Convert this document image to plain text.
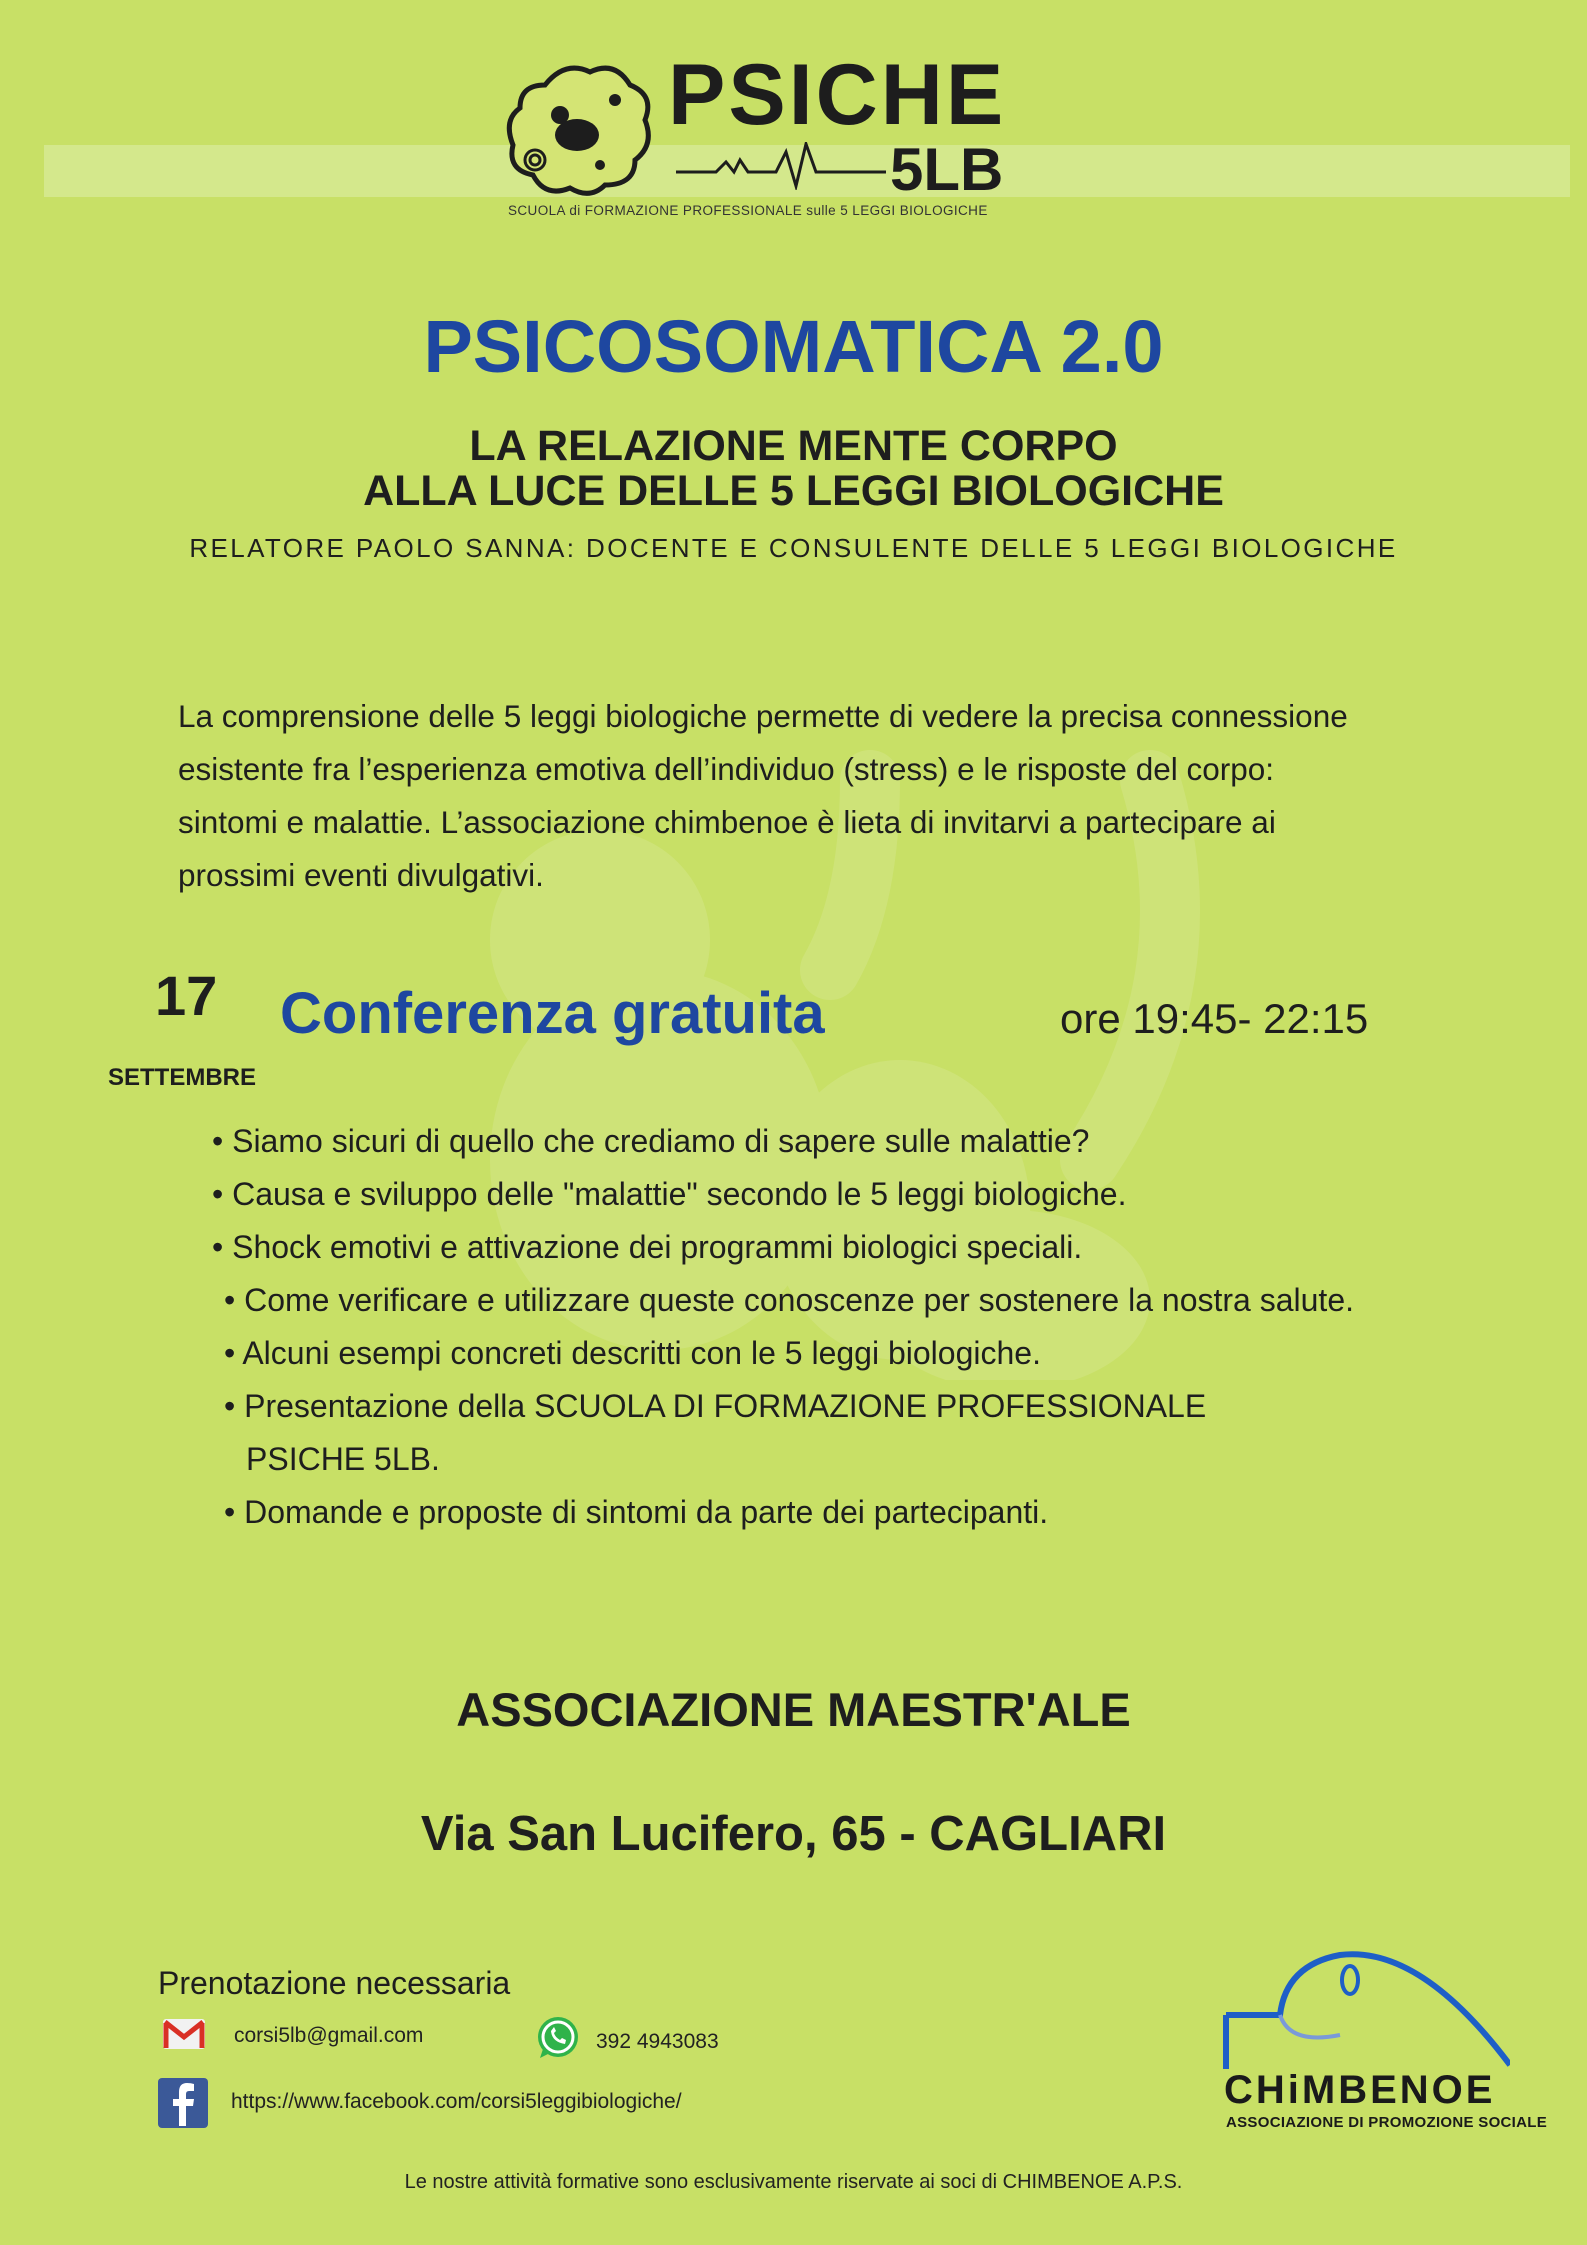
PSICHE
5LB
SCUOLA di FORMAZIONE PROFESSIONALE sulle 5 LEGGI BIOLOGICHE
PSICOSOMATICA 2.0
LA RELAZIONE MENTE CORPO
ALLA LUCE DELLE 5 LEGGI BIOLOGICHE
RELATORE PAOLO SANNA: DOCENTE E CONSULENTE DELLE 5 LEGGI BIOLOGICHE
La comprensione delle 5 leggi biologiche permette di vedere la precisa connessione
esistente fra l’esperienza emotiva dell’individuo (stress) e le risposte del corpo:
sintomi e malattie. L’associazione chimbenoe è lieta di invitarvi a partecipare ai
prossimi eventi divulgativi.
17
SETTEMBRE
Conferenza gratuita	ore 19:45- 22:15
• Siamo sicuri di quello che crediamo di sapere sulle malattie?
• Causa e sviluppo delle "malattie" secondo le 5 leggi biologiche.
• Shock emotivi e attivazione dei programmi biologici speciali.
• Come verificare e utilizzare queste conoscenze per sostenere la nostra salute.
• Alcuni esempi concreti descritti con le 5 leggi biologiche.
• Presentazione della SCUOLA DI FORMAZIONE PROFESSIONALE
PSICHE 5LB.
• Domande e proposte di sintomi da parte dei partecipanti.
ASSOCIAZIONE MAESTR'ALE
Via San Lucifero, 65 - CAGLIARI
Prenotazione necessaria
corsi5lb@gmail.com	392 4943083
https://www.facebook.com/corsi5leggibiologiche/	CHiMBENOE
ASSOCIAZIONE DI PROMOZIONE SOCIALE
Le nostre attività formative sono esclusivamente riservate ai soci di CHIMBENOE A.P.S.
